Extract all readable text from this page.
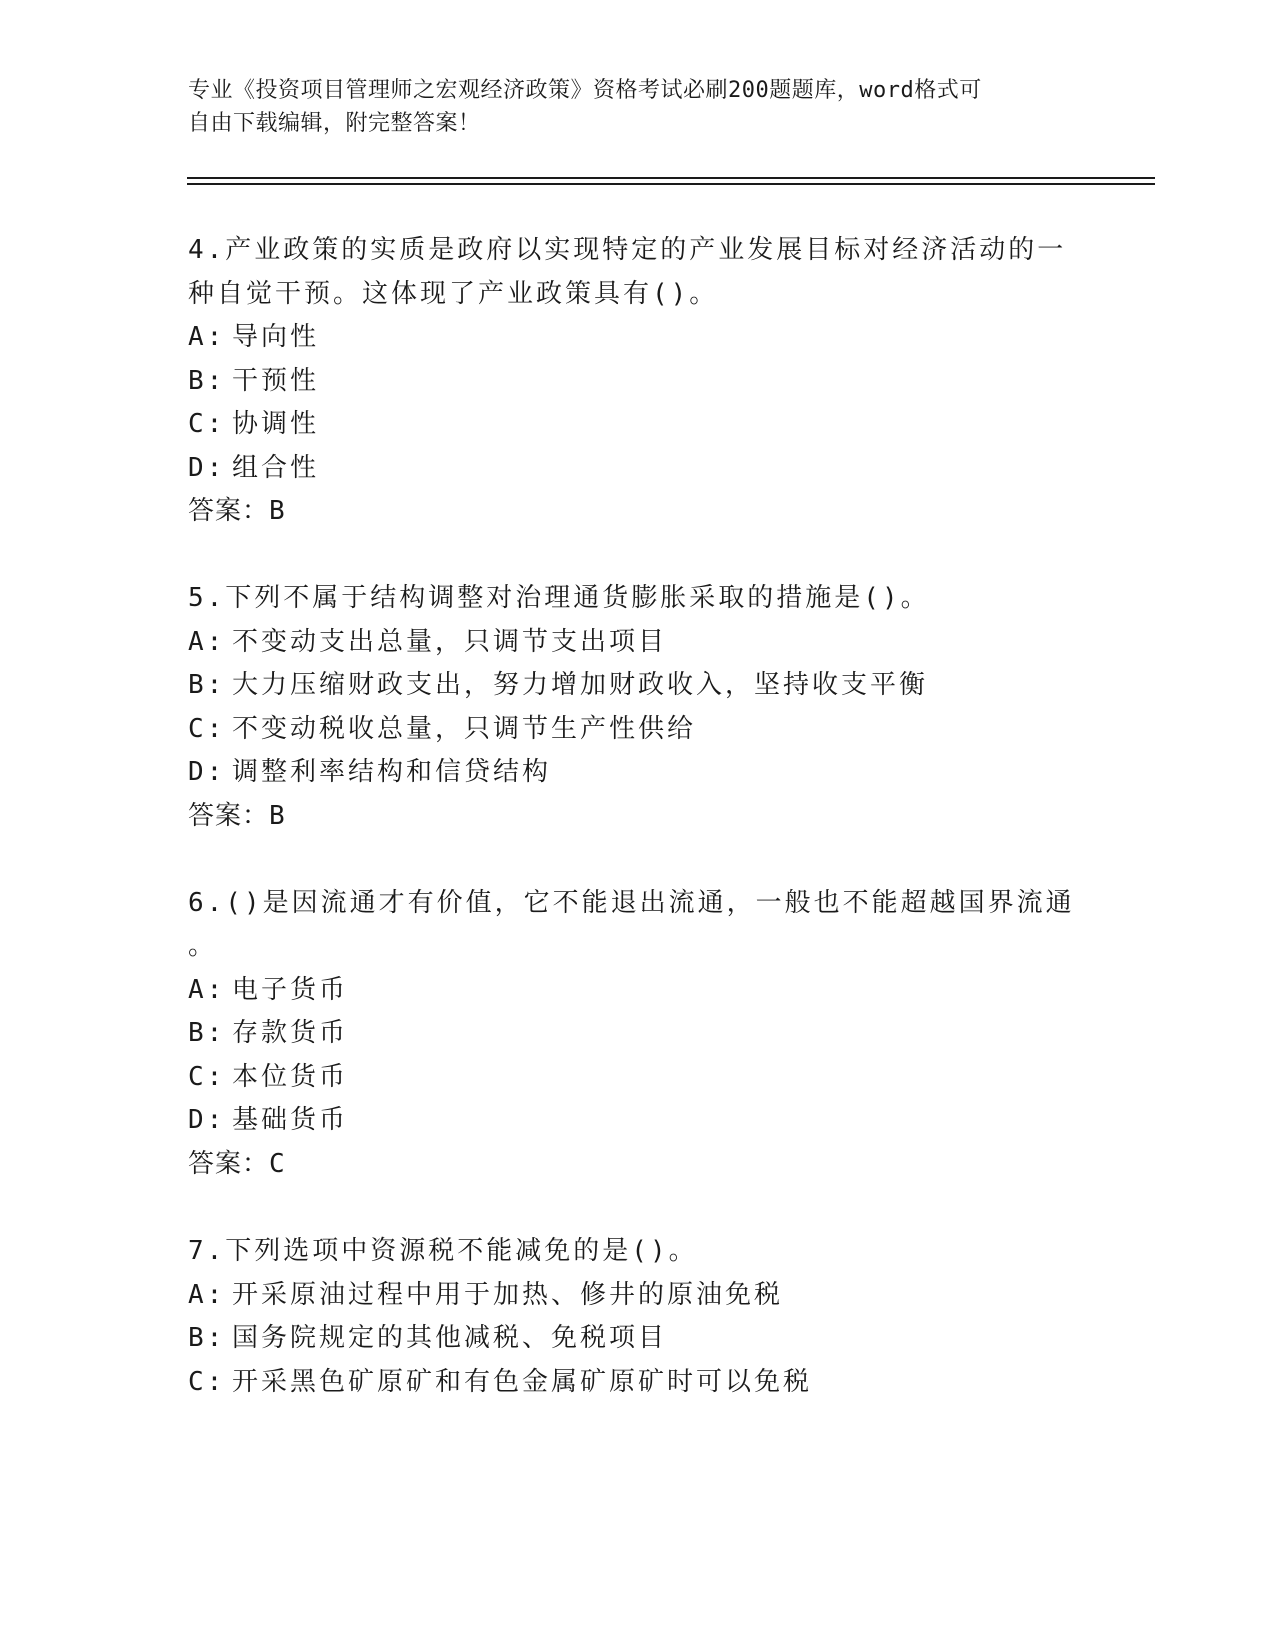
专业《投资项目管理师之宏观经济政策》资格考试必刷200题题库，word格式可
自由下载编辑，附完整答案！
4.产业政策的实质是政府以实现特定的产业发展目标对经济活动的一
种自觉干预。这体现了产业政策具有()。
A: 导向性
B: 干预性
C: 协调性
D: 组合性
答案：B
5.下列不属于结构调整对治理通货膨胀采取的措施是()。
A: 不变动支出总量，只调节支出项目
B: 大力压缩财政支出，努力增加财政收入，坚持收支平衡
C: 不变动税收总量，只调节生产性供给
D: 调整利率结构和信贷结构
答案：B
6.()是因流通才有价值，它不能退出流通，一般也不能超越国界流通
。
A: 电子货币
B: 存款货币
C: 本位货币
D: 基础货币
答案：C
7.下列选项中资源税不能减免的是()。
A: 开采原油过程中用于加热、修井的原油免税
B: 国务院规定的其他减税、免税项目
C: 开采黑色矿原矿和有色金属矿原矿时可以免税
